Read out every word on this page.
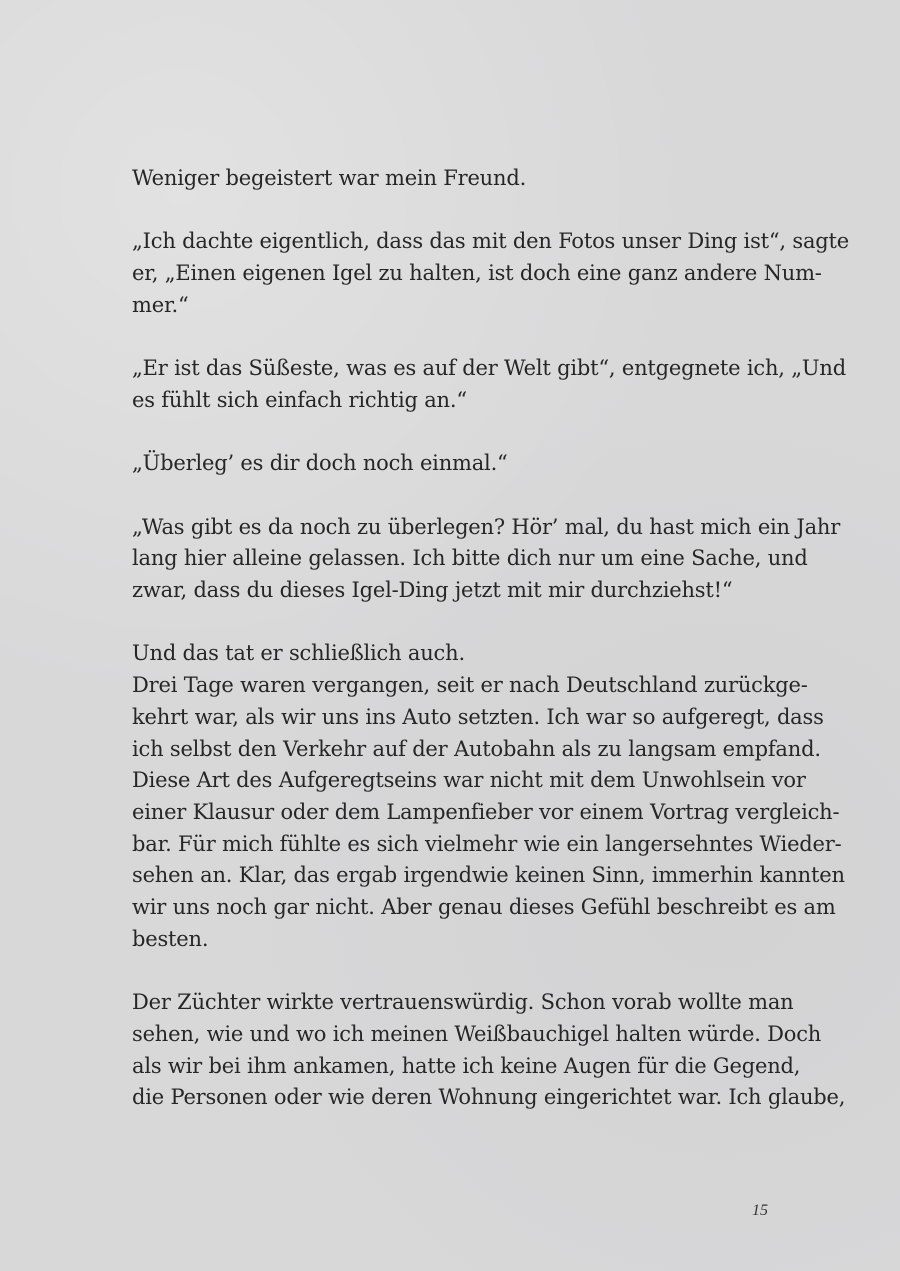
Weniger begeistert war mein Freund.
„Ich dachte eigentlich, dass das mit den Fotos unser Ding ist“, sagte
er, „Einen eigenen Igel zu halten, ist doch eine ganz andere Num-
mer.“
„Er ist das Süßeste, was es auf der Welt gibt“, entgegnete ich, „Und
es fühlt sich einfach richtig an.“
„Überleg’ es dir doch noch einmal.“
„Was gibt es da noch zu überlegen? Hör’ mal, du hast mich ein Jahr
lang hier alleine gelassen. Ich bitte dich nur um eine Sache, und
zwar, dass du dieses Igel-Ding jetzt mit mir durchziehst!“
Und das tat er schließlich auch.
Drei Tage waren vergangen, seit er nach Deutschland zurückge-
kehrt war, als wir uns ins Auto setzten. Ich war so aufgeregt, dass
ich selbst den Verkehr auf der Autobahn als zu langsam empfand.
Diese Art des Aufgeregtseins war nicht mit dem Unwohlsein vor
einer Klausur oder dem Lampenfieber vor einem Vortrag vergleich-
bar. Für mich fühlte es sich vielmehr wie ein langersehntes Wieder-
sehen an. Klar, das ergab irgendwie keinen Sinn, immerhin kannten
wir uns noch gar nicht. Aber genau dieses Gefühl beschreibt es am
besten.
Der Züchter wirkte vertrauenswürdig. Schon vorab wollte man
sehen, wie und wo ich meinen Weißbauchigel halten würde. Doch
als wir bei ihm ankamen, hatte ich keine Augen für die Gegend,
die Personen oder wie deren Wohnung eingerichtet war. Ich glaube,
15
